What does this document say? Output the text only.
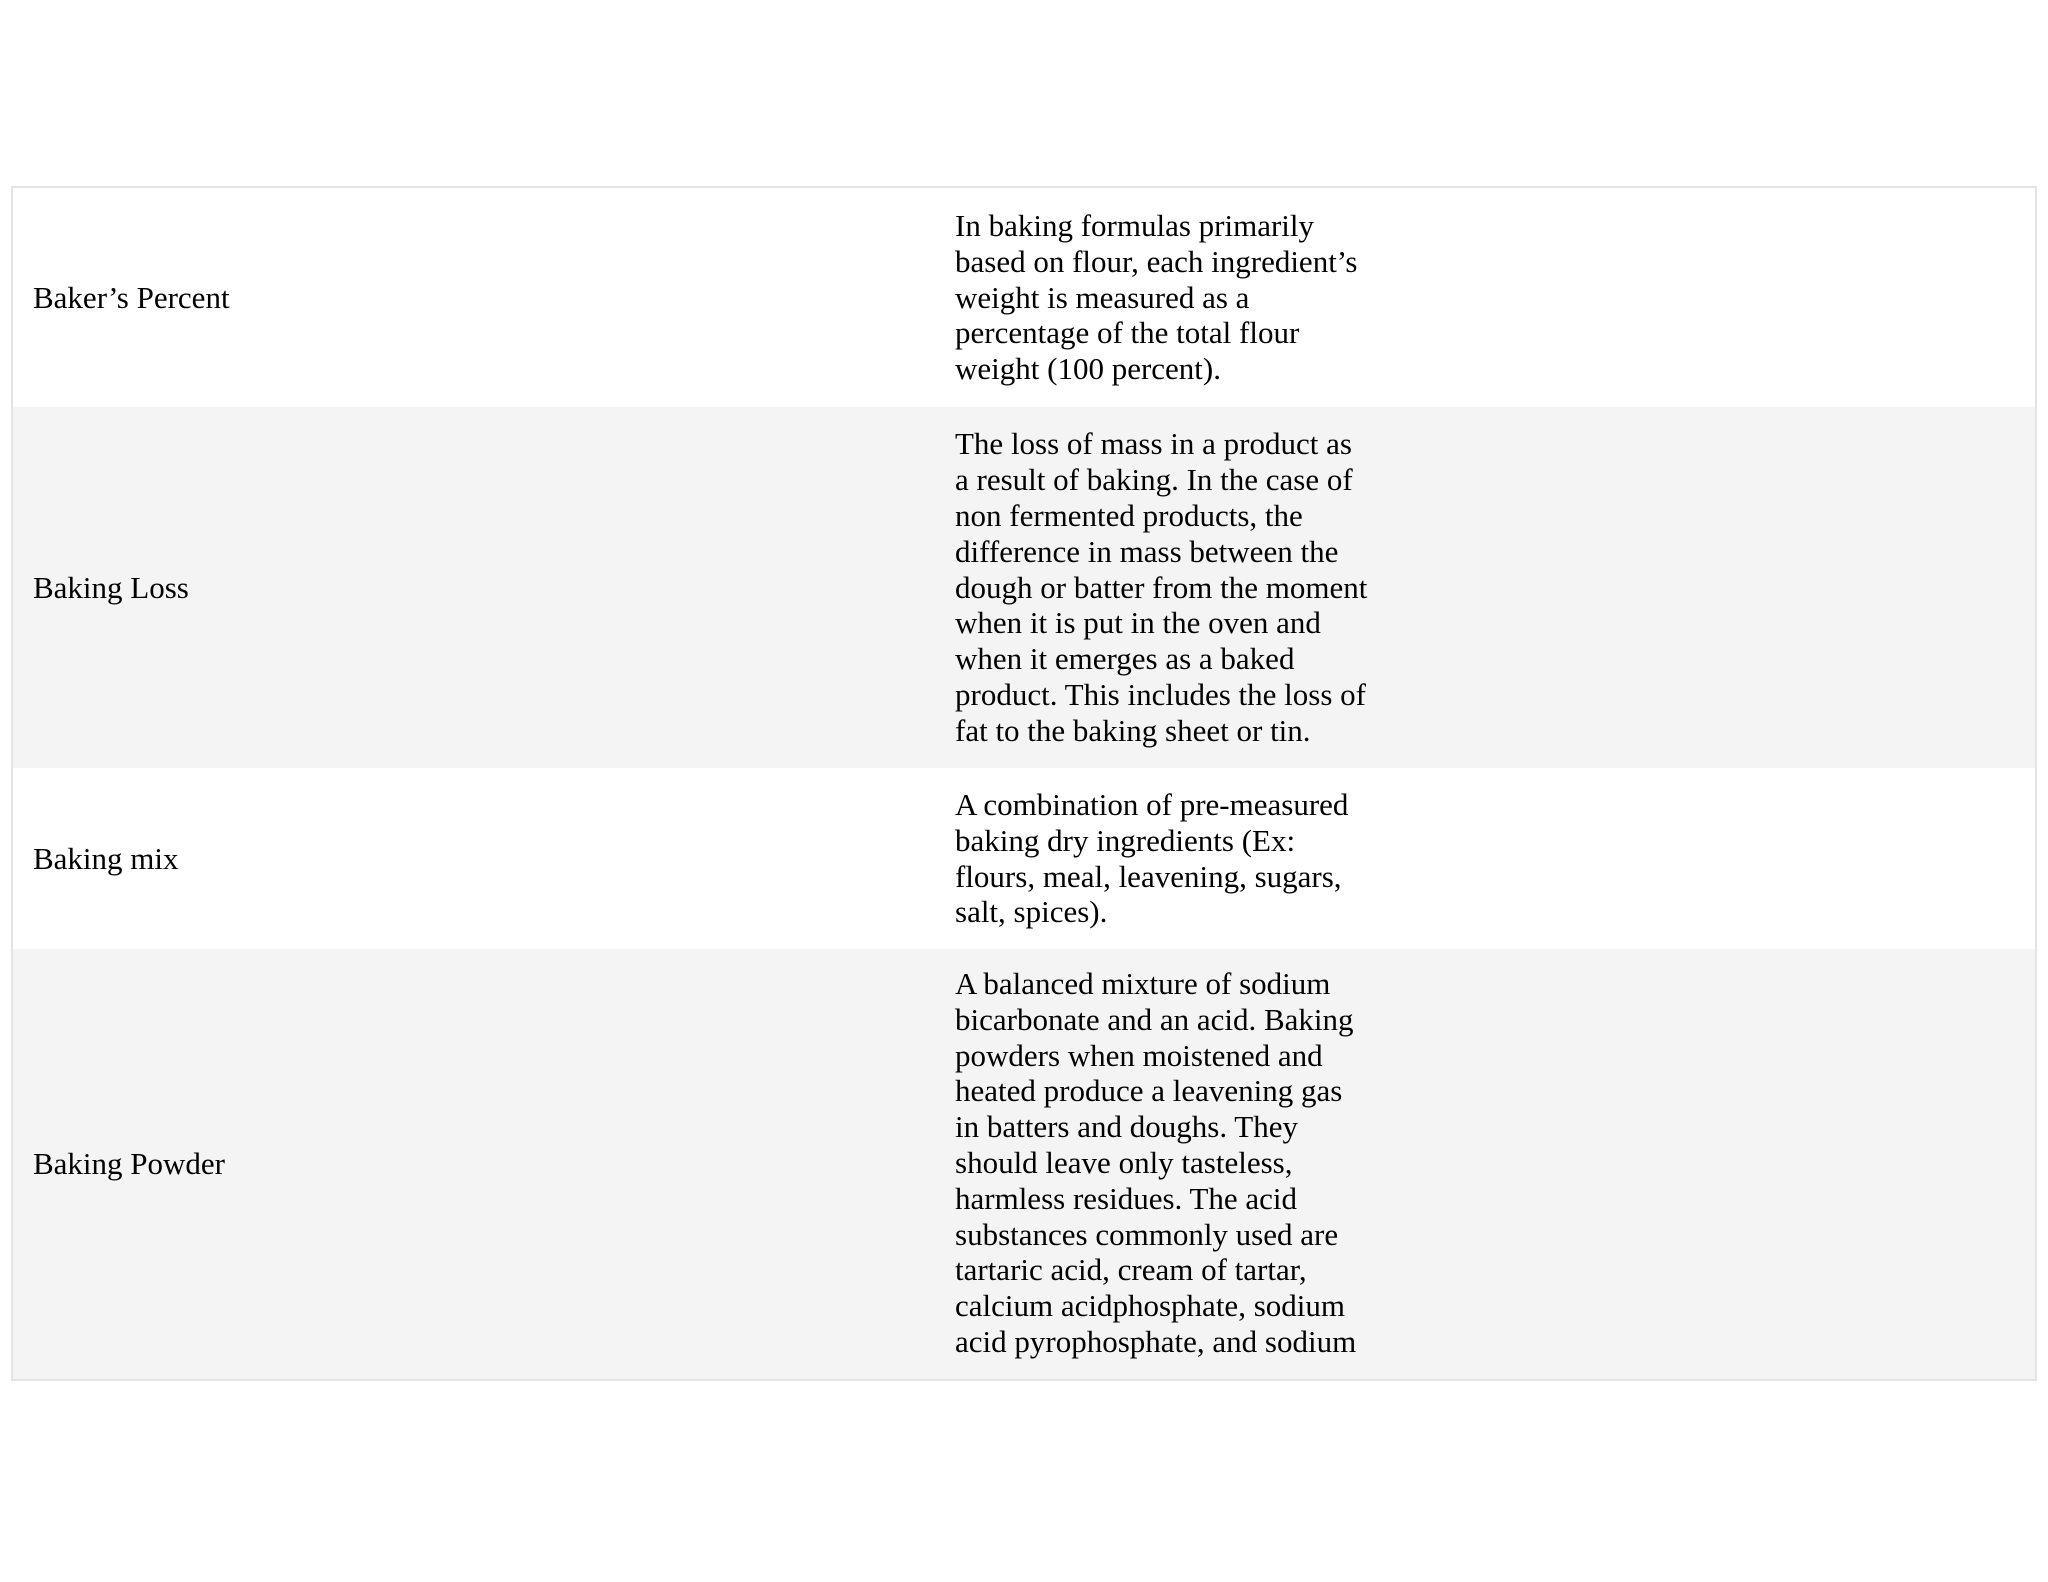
Baker’s Percent
In baking formulas primarily
based on flour, each ingredient’s
weight is measured as a
percentage of the total flour
weight (100 percent).
Baking Loss
The loss of mass in a product as
a result of baking. In the case of
non fermented products, the
difference in mass between the
dough or batter from the moment
when it is put in the oven and
when it emerges as a baked
product. This includes the loss of
fat to the baking sheet or tin.
Baking mix
A combination of pre-measured
baking dry ingredients (Ex:
flours, meal, leavening, sugars,
salt, spices).
Baking Powder
A balanced mixture of sodium
bicarbonate and an acid. Baking
powders when moistened and
heated produce a leavening gas
in batters and doughs. They
should leave only tasteless,
harmless residues. The acid
substances commonly used are
tartaric acid, cream of tartar,
calcium acidphosphate, sodium
acid pyrophosphate, and sodium
